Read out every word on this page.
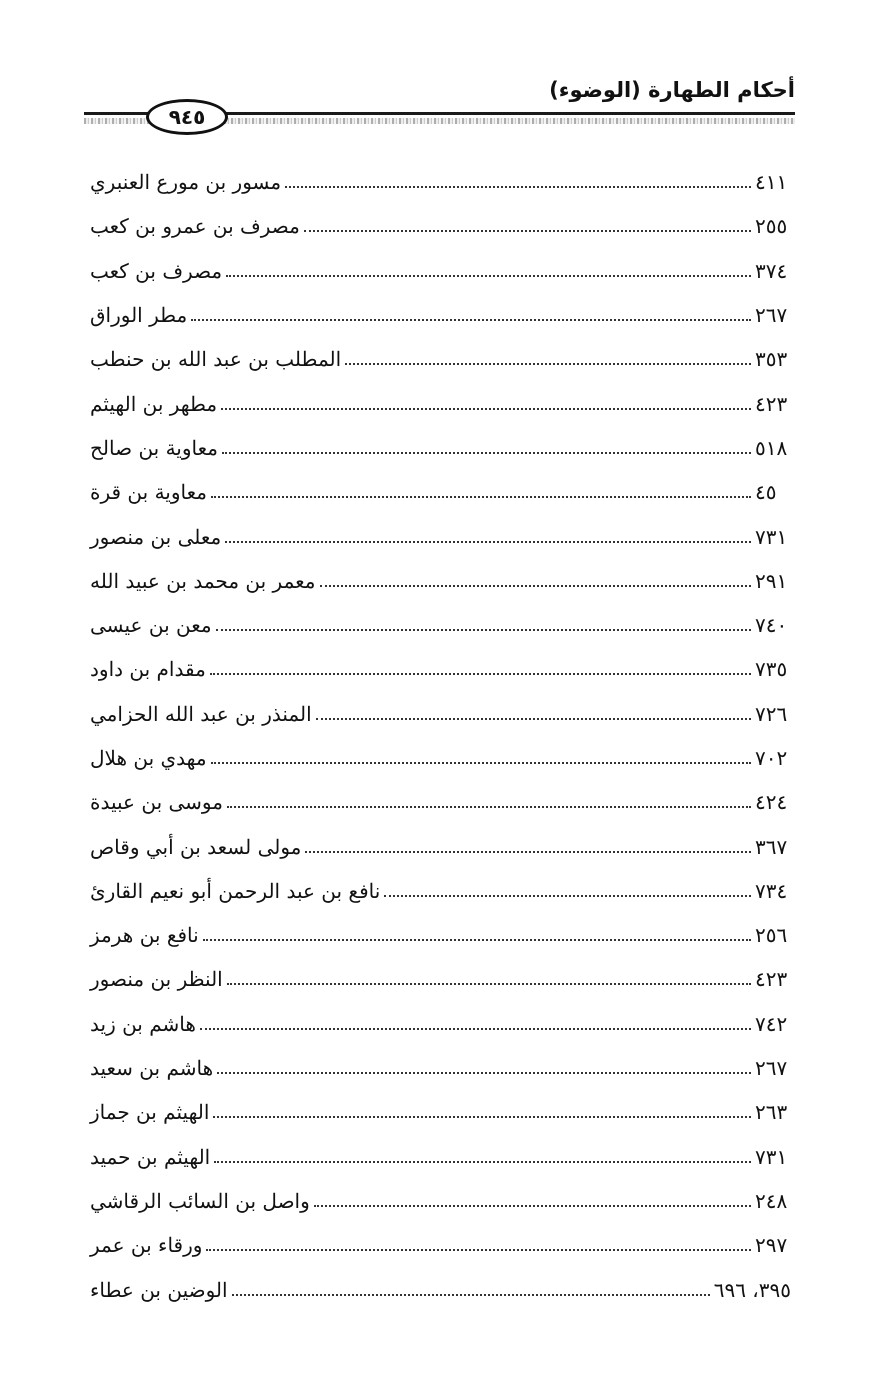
أحكام الطهارة (الوضوء)
٩٤٥
مسور بن مورع العنبري	٤١١
مصرف بن عمرو بن كعب	٢٥٥
مصرف بن كعب	٣٧٤
مطر الوراق	٢٦٧
المطلب بن عبد الله بن حنطب	٣٥٣
مطهر بن الهيثم	٤٢٣
معاوية بن صالح	٥١٨
معاوية بن قرة	٤٥
معلى بن منصور	٧٣١
معمر بن محمد بن عبيد الله	٢٩١
معن بن عيسى	٧٤٠
مقدام بن داود	٧٣٥
المنذر بن عبد الله الحزامي	٧٢٦
مهدي بن هلال	٧٠٢
موسى بن عبيدة	٤٢٤
مولى لسعد بن أبي وقاص	٣٦٧
نافع بن عبد الرحمن أبو نعيم القارئ	٧٣٤
نافع بن هرمز	٢٥٦
النظر بن منصور	٤٢٣
هاشم بن زيد	٧٤٢
هاشم بن سعيد	٢٦٧
الهيثم بن جماز	٢٦٣
الهيثم بن حميد	٧٣١
واصل بن السائب الرقاشي	٢٤٨
ورقاء بن عمر	٢٩٧
الوضين بن عطاء	٣٩٥، ٦٩٦
